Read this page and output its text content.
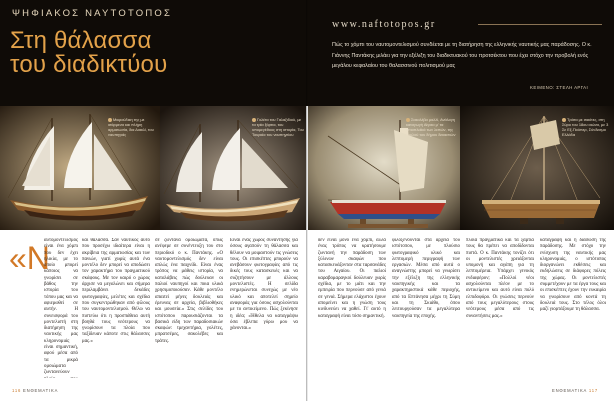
ΨΗΦΙΑΚΟΣ ΝΑΥΤΟΤΟΠΟΣ
Στη θάλασσα
του διαδικτύου
www.naftotopos.gr
Πώς το χόμπι του ναυτομοντελισμού συνδέεται με τη διατήρηση της ελληνικής ναυτικής μας παράδοσης. Ο κ. Γιάννης Παντάκης μιλάει για την εξέλιξη του διαδικτυακού του προτσέκτου που έχει στόχο την προβολή ενός μεγάλου κεφαλαίου του θαλασσινού πολιτισμού μας
ΚΕΙΜΕΝΟ: ΣΤΕΛΗ ΑΡΓΑΙ
Μικρούδικη της με ισάρμενα και πλήρη αρματωσία, δια Διακλί, του ναυπηγιάς
Γολέτα του Γαλαξιδιού, με τα τρία ξάρτια, του υπομεγέθους στη ιστορία, Του Τουρκία του ναυπηγείου
Σακολέβα μαλλί, Ανάλογη καταγωγή Αίγαιο μ' τα ιστιοπλοϊκά των λεπών, της λουλού του δήμου δεκαετιών
Τράτα με σακίτες, στη Σύρο του 18ου αιώνα, με 3 Σε Εξ-Πούπερ, Σύνδεσμο Ελλάδα
«Ν
αυτομοντελισμός είναι ένα χόμπι που δεν έχει ηλικία, με το οποίο μπορεί κάποιος να γνωρίσει σε βάθος την ιστορία του τόπου μας και να αφιερωθεί σε αυτήν. Η συνεισφορά του μοντελιστή στη διατήρηση της ναυτικής μας κληρονομιάς είναι σημαντική, αφού μέσα από τα μικρά ομοιώματα ζωντανεύουν
και θάλασσα. Σαν ναυτικός αυτό που προσέχω ιδιαίτερα είναι η ακρίβεια της αρματωσίας και των πανιών, γιατί χωρίς αυτά ένα μοντέλο δεν μπορεί να αποδώσει τον χαρακτήρα του πραγματικού σκάφους. Με τον καιρό ο χώρος άρχισε να μεγαλώνει και σήμερα περιλαμβάνει δεκάδες φωτογραφίες, μελέτες και σχέδια που συγκεντρώθηκαν από φίλους του ναυτομοντελισμού. Θέλω να πιστεύω ότι η προσπάθεια αυτή βοηθά τους νεότερους να γνωρίσουν τα πλοία που ταξίδευαν κάποτε στις θάλασσες μας.»
σε ζωντανά ομοιώματα, όπως ανέφερε σε συνέντευξη του στο περιοδικό ο κ. Παντάκης. «Ο ναυτομοντελισμός δεν είναι απλώς ένα παιχνίδι. Είναι ένας τρόπος να μάθεις ιστορία, να καταλάβεις πώς δούλευαν οι παλιοί ναυπηγοί και ποια υλικά χρησιμοποιούσαν. Κάθε μοντέλο απαιτεί μήνες δουλειάς και έρευνας σε αρχεία, βιβλιοθήκες και μουσεία.» Στις σελίδες του ιστότοπου παρουσιάζονται τα βασικά είδη των παραδοσιακών σκαφών: τρεχαντήρια, γολέτες, μπρατσέρες, σακολέβες και τράτες.
Είναι ένας χώρος συνάντησης για όσους αγαπούν τη θάλασσα και θέλουν να μοιραστούν τις γνώσεις τους. Οι επισκέπτες μπορούν να ανεβάσουν φωτογραφίες από τις δικές τους κατασκευές και να συζητήσουν με άλλους μοντελιστές. Η σελίδα ενημερώνεται συνεχώς με νέο υλικό και αποτελεί σημείο αναφοράς για όσους ασχολούνται με το αντικείμενο. Πώς ξεκίνησε η ιδέα; «Ήθελα να καταγράψω όσα έβλεπα γύρω μου να χάνονται.»
δεν είναι μόνο ένα χόμπι, αλλά ένας τρόπος να κρατήσουμε ζωντανή την παράδοση των ξύλινων σκαφών που κατασκευάζονταν στα ταρσανάδες του Αιγαίου. Οι παλιοί καραβομαραγκοί δούλευαν χωρίς σχέδια, με το μάτι και την εμπειρία που περνούσε από γενιά σε γενιά. Σήμερα ελάχιστοι έχουν απομείνει και η γνώση τους κινδυνεύει να χαθεί. Γι' αυτό η καταγραφή είναι τόσο σημαντική.
φιλοξενούνται στα αρχεία του ιστότοπου, με πλούσιο φωτογραφικό υλικό και λεπτομερή περιγραφή των εργασιών. Μέσα από αυτά ο αναγνώστης μπορεί να γνωρίσει την εξέλιξη της ελληνικής ναυπηγικής και τα χαρακτηριστικά κάθε περιοχής, από τα Επτάνησα μέχρι τη Σύμη και τη Σκιάθο, όπου λειτουργούσαν τα μεγαλύτερα ναυπηγεία της εποχής.
πλοία πραγματικά και τα ξάρτια τους θα πρέπει να αποδίδονται πιστά. Ο κ. Παντάκης τονίζει ότι οι μοντελιστές χρειάζονται υπομονή και αγάπη για τη λεπτομέρεια. Υπάρχει γενικός ενδιαφέρον; «Πολλοί νέοι ασχολούνται πλέον με το αντικείμενο και αυτό είναι πολύ ελπιδοφόρο. Οι γνώσεις περνούν από τους μεγαλύτερους στους νεότερους μέσα από τις συναντήσεις μας.»
καταγραφή και η διάσωση της παράδοσης. Με στόχο την ενίσχυση της ναυτικής μας κληρονομιάς, ο ιστότοπος διοργανώνει εκθέσεις και εκδηλώσεις σε διάφορες πόλεις της χώρας. Οι μοντελιστές συμμετέχουν με τα έργα τους και οι επισκέπτες έχουν την ευκαιρία να γνωρίσουν από κοντά τη δουλειά τους. Στο τέλος όλοι μαζί γιορτάζουμε τη θάλασσα.
116 ΕΝΘΕΜΑΤΙΚΑ	ΕΝΘΕΜΑΤΙΚΑ 117
